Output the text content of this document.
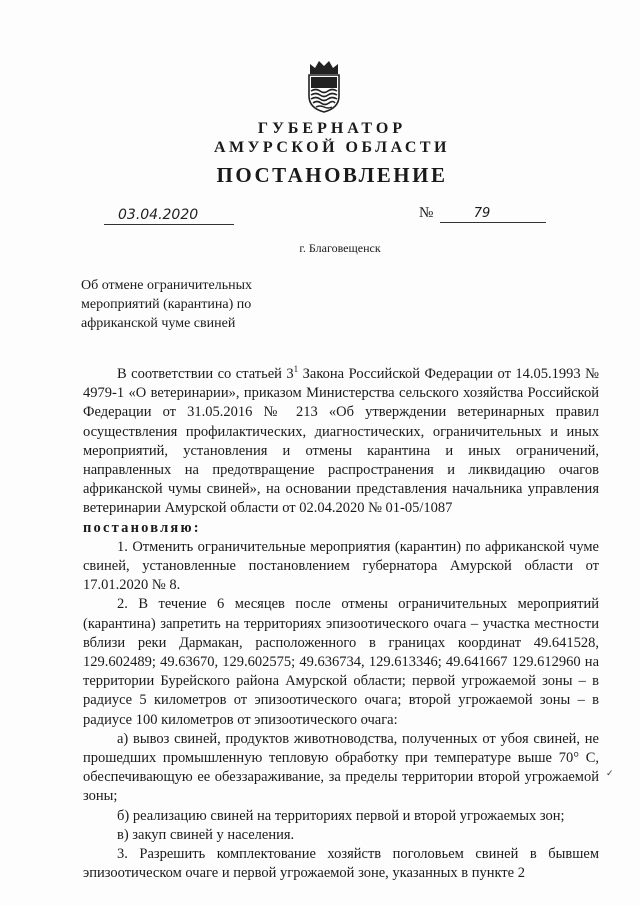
ГУБЕРНАТОР
АМУРСКОЙ ОБЛАСТИ
ПОСТАНОВЛЕНИЕ
03.04.2020	№	79
г. Благовещенск
Об отмене ограничительных мероприятий (карантина) по африканской чуме свиней

В соответствии со статьей $3^1$ Закона Российской Федерации от 14.05.1993 № 4979-1 «О ветеринарии», приказом Министерства сельского хозяйства Российской Федерации от 31.05.2016 № 213 «Об утверждении ветеринарных правил осуществления профилактических, диагностических, ограничительных и иных мероприятий, установления и отмены карантина и иных ограничений, направленных на предотвращение распространения и ликвидацию очагов африканской чумы свиней», на основании представления начальника управления ветеринарии Амурской области от 02.04.2020 № 01-05/1087

постановляю:

1. Отменить ограничительные мероприятия (карантин) по африканской чуме свиней, установленные постановлением губернатора Амурской области от 17.01.2020 № 8.

2. В течение 6 месяцев после отмены ограничительных мероприятий (карантина) запретить на территориях эпизоотического очага – участка местности вблизи реки Дармакан, расположенного в границах координат 49.641528, 129.602489; 49.63670, 129.602575; 49.636734, 129.613346; 49.641667 129.612960 на территории Бурейского района Амурской области; первой угрожаемой зоны – в радиусе 5 километров от эпизоотического очага; второй угрожаемой зоны – в радиусе 100 километров от эпизоотического очага:

а) вывоз свиней, продуктов животноводства, полученных от убоя свиней, не прошедших промышленную тепловую обработку при температуре выше 70° С, обеспечивающую ее обеззараживание, за пределы территории второй угрожаемой зоны;

б) реализацию свиней на территориях первой и второй угрожаемых зон;

в) закуп свиней у населения.

3. Разрешить комплектование хозяйств поголовьем свиней в бывшем эпизоотическом очаге и первой угрожаемой зоне, указанных в пункте 2

✓
